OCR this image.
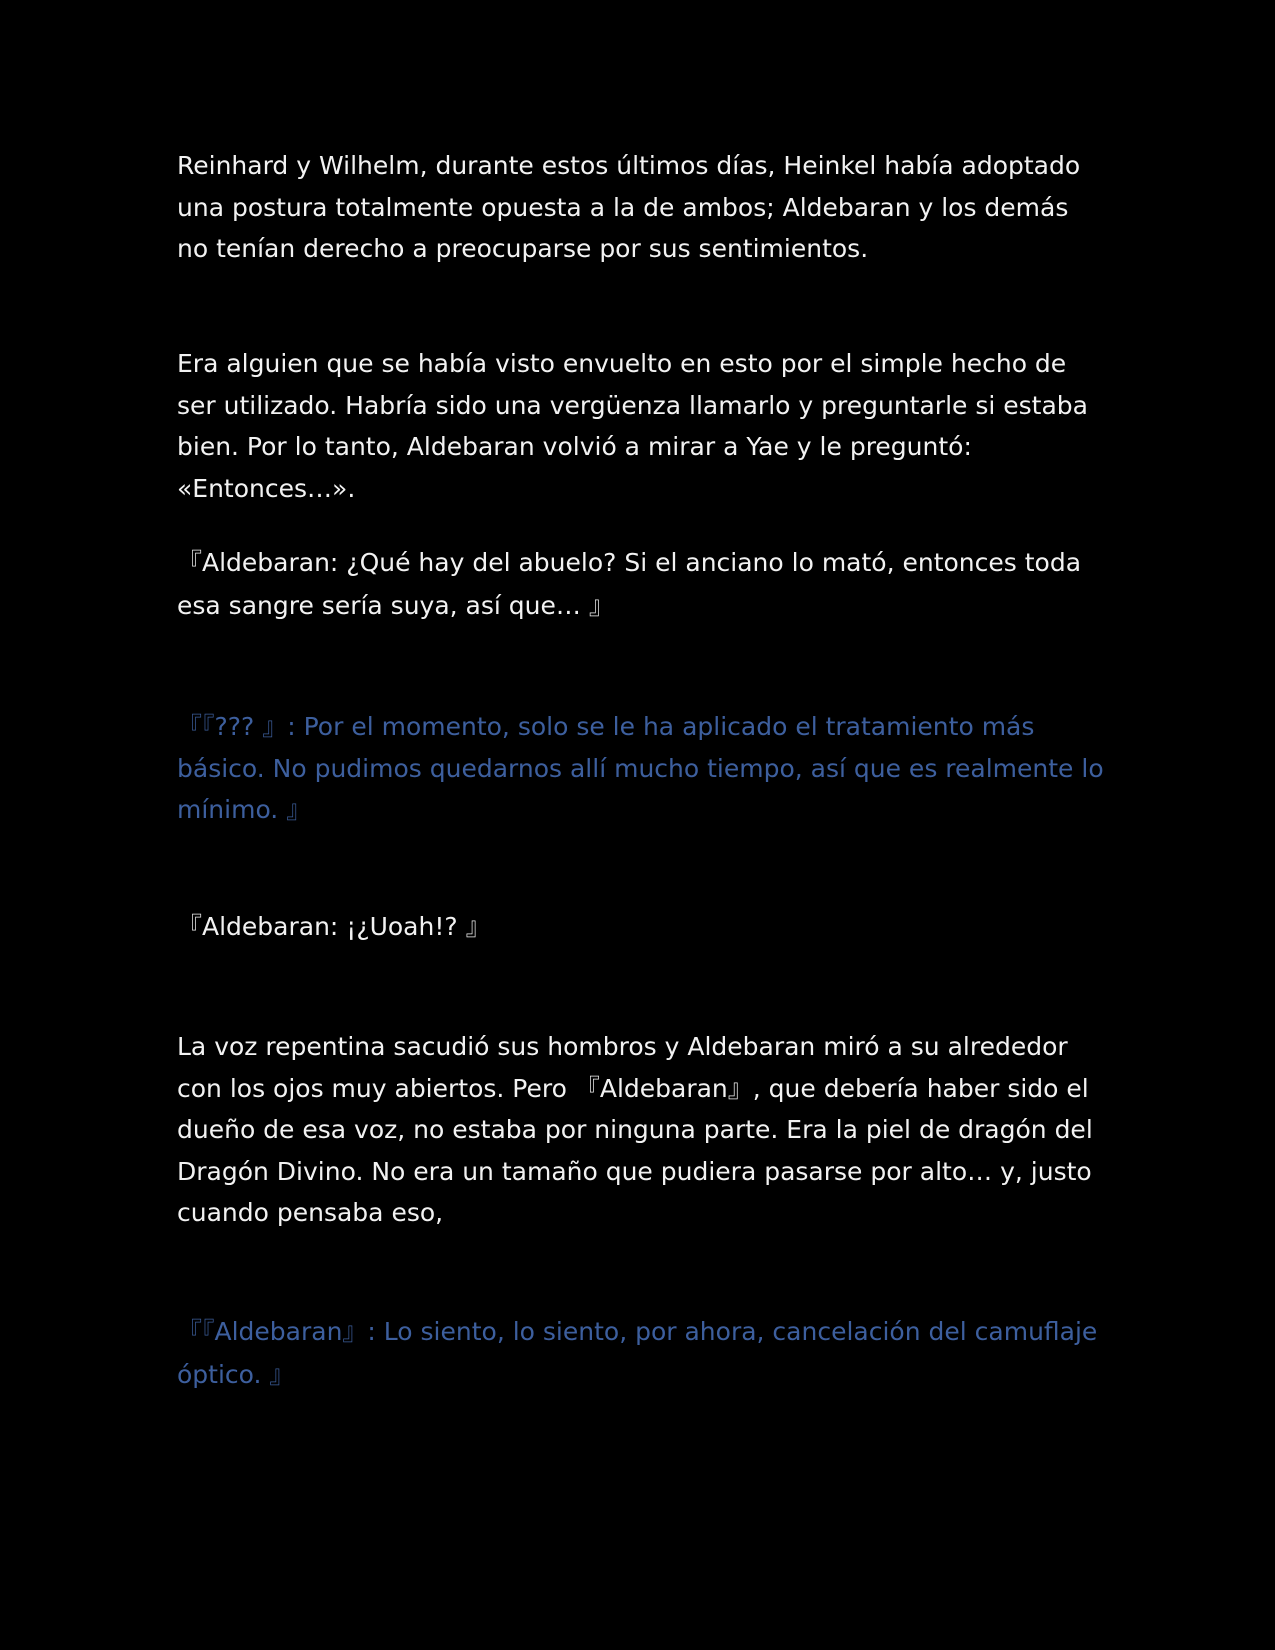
Reinhard y Wilhelm, durante estos últimos días, Heinkel había adoptado una postura totalmente opuesta a la de ambos; Aldebaran y los demás no tenían derecho a preocuparse por sus sentimientos.

Era alguien que se había visto envuelto en esto por el simple hecho de ser utilizado. Habría sido una vergüenza llamarlo y preguntarle si estaba bien. Por lo tanto, Aldebaran volvió a mirar a Yae y le preguntó: «Entonces…».

『Aldebaran: ¿Qué hay del abuelo? Si el anciano lo mató, entonces toda esa sangre sería suya, así que… 』

『『??? 』: Por el momento, solo se le ha aplicado el tratamiento más básico. No pudimos quedarnos allí mucho tiempo, así que es realmente lo mínimo. 』

『Aldebaran: ¡¿Uoah!? 』

La voz repentina sacudió sus hombros y Aldebaran miró a su alrededor con los ojos muy abiertos. Pero 『Aldebaran』, que debería haber sido el dueño de esa voz, no estaba por ninguna parte. Era la piel de dragón del Dragón Divino. No era un tamaño que pudiera pasarse por alto… y, justo cuando pensaba eso,

『『Aldebaran』: Lo siento, lo siento, por ahora, cancelación del camuflaje óptico. 』
